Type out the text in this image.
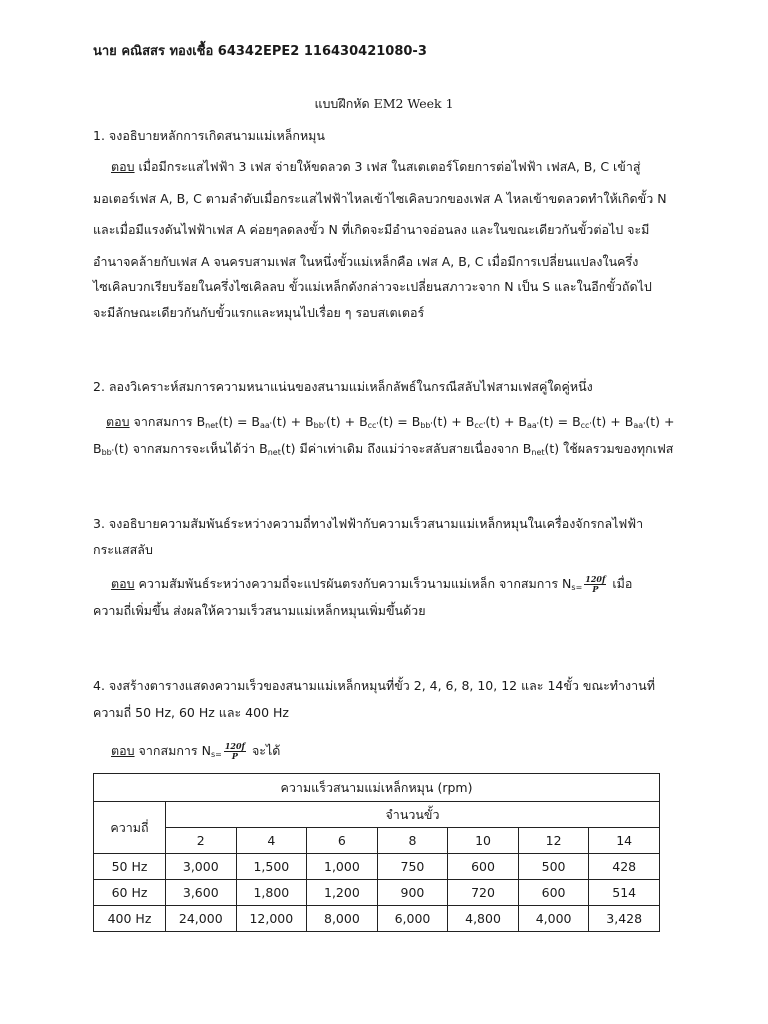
นาย คณิสสร ทองเชื้อ 64342EPE2 116430421080-3
แบบฝึกหัด EM2 Week 1
1. จงอธิบายหลักการเกิดสนามแม่เหล็กหมุน
ตอบ เมื่อมีกระแสไฟฟ้า 3 เฟส จ่ายให้ขดลวด 3 เฟส ในสเตเตอร์โดยการต่อไฟฟ้า เฟสA, B, C เข้าสู่
มอเตอร์เฟส A, B, C ตามลำดับเมื่อกระแสไฟฟ้าไหลเข้าไซเคิลบวกของเฟส A ไหลเข้าขดลวดทำให้เกิดขั้ว N
และเมื่อมีแรงดันไฟฟ้าเฟส A ค่อยๆลดลงขั้ว N ที่เกิดจะมีอำนาจอ่อนลง และในขณะเดียวกันขั้วต่อไป จะมี
อำนาจคล้ายกับเฟส A จนครบสามเฟส ในหนึ่งขั้วแม่เหล็กคือ เฟส A, B, C เมื่อมีการเปลี่ยนแปลงในครึ่ง
ไซเคิลบวกเรียบร้อยในครึ่งไซเคิลลบ ขั้วแม่เหล็กดังกล่าวจะเปลี่ยนสภาวะจาก N เป็น S และในอีกขั้วถัดไป
จะมีลักษณะเดียวกันกับขั้วแรกและหมุนไปเรื่อย ๆ รอบสเตเตอร์
2. ลองวิเคราะห์สมการความหนาแน่นของสนามแม่เหล็กลัพธ์ในกรณีสลับไฟสามเฟสคู่ใดคู่หนึ่ง
ตอบ จากสมการ $B_{net}(t) = B_{aa'}(t) + B_{bb'}(t) + B_{cc'}(t) = B_{bb'}(t) + B_{cc'}(t) + B_{aa'}(t) = B_{cc'}(t) + B_{aa'}(t)$ +
$B_{bb'}(t)$ จากสมการจะเห็นได้ว่า $B_{net}(t)$ มีค่าเท่าเดิม ถึงแม่ว่าจะสลับสายเนื่องจาก $B_{net}(t)$ ใช้ผลรวมของทุกเฟส
3. จงอธิบายความสัมพันธ์ระหว่างความถี่ทางไฟฟ้ากับความเร็วสนามแม่เหล็กหมุนในเครื่องจักรกลไฟฟ้า
กระแสสลับ
ตอบ ความสัมพันธ์ระหว่างความถี่จะแปรผันตรงกับความเร็วนามแม่เหล็ก จากสมการ $N_s= \frac{120f}{P}$ เมื่อ
ความถี่เพิ่มขึ้น ส่งผลให้ความเร็วสนามแม่เหล็กหมุนเพิ่มขึ้นด้วย
4. จงสร้างตารางแสดงความเร็วของสนามแม่เหล็กหมุนที่ขั้ว 2, 4, 6, 8, 10, 12 และ 14ขั้ว ขณะทำงานที่
ความถี่ 50 Hz, 60 Hz และ 400 Hz
ตอบ จากสมการ $N_s= \frac{120f}{P}$ จะได้
ความแร็วสนามแม่เหล็กหมุน (rpm)							
ความถี่	จำนวนขั้ว						
	2	4	6	8	10	12	14
50 Hz	3,000	1,500	1,000	750	600	500	428
60 Hz	3,600	1,800	1,200	900	720	600	514
400 Hz	24,000	12,000	8,000	6,000	4,800	4,000	3,428
